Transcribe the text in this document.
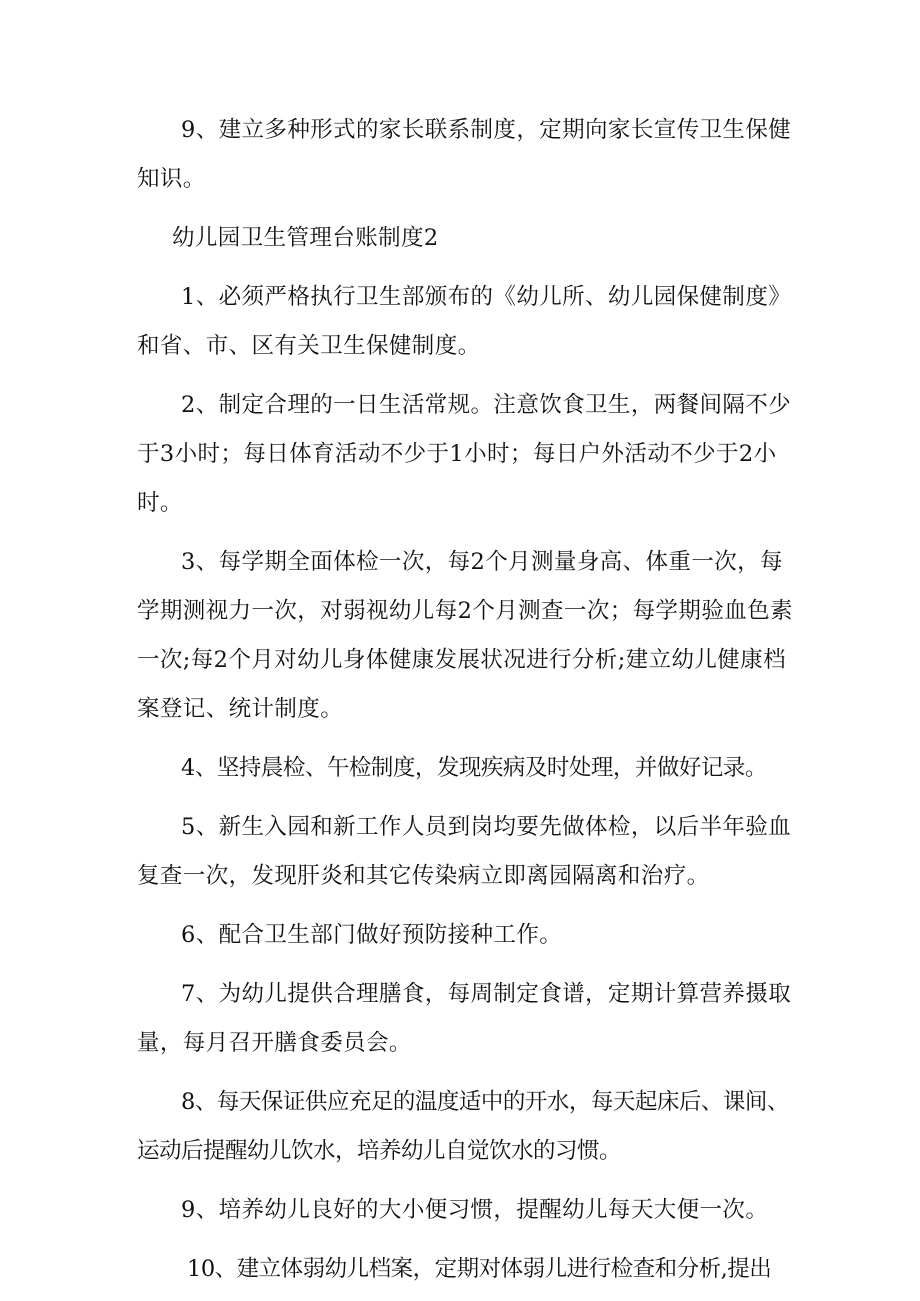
9、建立多种形式的家长联系制度，定期向家长宣传卫生保健知识。

幼儿园卫生管理台账制度2

1、必须严格执行卫生部颁布的《幼儿所、幼儿园保健制度》和省、市、区有关卫生保健制度。

2、制定合理的一日生活常规。注意饮食卫生，两餐间隔不少于3小时；每日体育活动不少于1小时；每日户外活动不少于2小时。

3、每学期全面体检一次，每2个月测量身高、体重一次，每学期测视力一次，对弱视幼儿每2个月测查一次；每学期验血色素一次;每2个月对幼儿身体健康发展状况进行分析;建立幼儿健康档案登记、统计制度。

4、坚持晨检、午检制度，发现疾病及时处理，并做好记录。

5、新生入园和新工作人员到岗均要先做体检，以后半年验血复查一次，发现肝炎和其它传染病立即离园隔离和治疗。

6、配合卫生部门做好预防接种工作。

7、为幼儿提供合理膳食，每周制定食谱，定期计算营养摄取量，每月召开膳食委员会。

8、每天保证供应充足的温度适中的开水，每天起床后、课间、运动后提醒幼儿饮水，培养幼儿自觉饮水的习惯。

9、培养幼儿良好的大小便习惯，提醒幼儿每天大便一次。

10、建立体弱幼儿档案，定期对体弱儿进行检查和分析,提出
